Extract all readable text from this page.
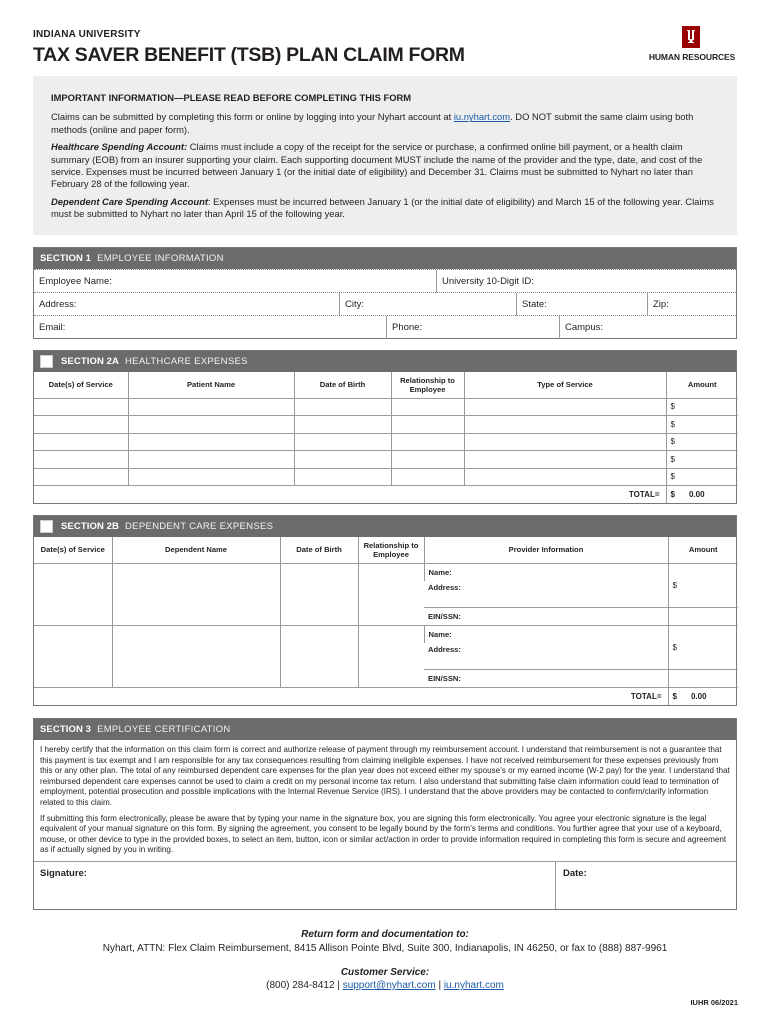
INDIANA UNIVERSITY
TAX SAVER BENEFIT (TSB) PLAN CLAIM FORM	HUMAN RESOURCES

IMPORTANT INFORMATION—PLEASE READ BEFORE COMPLETING THIS FORM

Claims can be submitted by completing this form or online by logging into your Nyhart account at iu.nyhart.com. DO NOT submit the same claim using both methods (online and paper form).

Healthcare Spending Account: Claims must include a copy of the receipt for the service or purchase, a confirmed online bill payment, or a health claim summary (EOB) from an insurer supporting your claim. Each supporting document MUST include the name of the provider and the type, date, and cost of the service. Expenses must be incurred between January 1 (or the initial date of eligibility) and December 31. Claims must be submitted to Nyhart no later than February 28 of the following year.

Dependent Care Spending Account: Expenses must be incurred between January 1 (or the initial date of eligibility) and March 15 of the following year. Claims must be submitted to Nyhart no later than April 15 of the following year.

SECTION 1 EMPLOYEE INFORMATION
Employee Name:	University 10-Digit ID:
Address:	City:	State:	Zip:
Email:	Phone:	Campus:
SECTION 2A HEALTHCARE EXPENSES
Date(s) of Service	Patient Name	Date of Birth	Relationship to Employee	Type of Service	Amount
					$
					$
					$
					$
					$
TOTAL=					$ 0.00
SECTION 2B DEPENDENT CARE EXPENSES
Date(s) of Service	Dependent Name	Date of Birth	Relationship to Employee	Provider Information	Amount
				Name:	$
				Address:	
				EIN/SSN:	
				Name:	$
				Address:	
				EIN/SSN:	
TOTAL=					$ 0.00
SECTION 3 EMPLOYEE CERTIFICATION

I hereby certify that the information on this claim form is correct and authorize release of payment through my reimbursement account. I understand that reimbursement is not a guarantee that this payment is tax exempt and I am responsible for any tax consequences resulting from claiming ineligible expenses. I have not received reimbursement for these expenses previously from this or any other plan. The total of any reimbursed dependent care expenses for the plan year does not exceed either my spouse’s or my earned income (W-2 pay) for the year. I understand that reimbursed dependent care expenses cannot be used to claim a credit on my personal income tax return. I also understand that submitting false claim information could lead to termination of employment, potential prosecution and possible implications with the Internal Revenue Service (IRS). I understand that the above providers may be contacted to confirm/clarify information related to this claim.

If submitting this form electronically, please be aware that by typing your name in the signature box, you are signing this form electronically. You agree your electronic signature is the legal equivalent of your manual signature on this form. By signing the agreement, you consent to be legally bound by the form’s terms and conditions. You further agree that your use of a keyboard, mouse, or other device to type in the provided boxes, to select an item, button, icon or similar act/action in order to provide information required in completing this form is secure and agreement as if actually signed by you in writing.

Signature:	Date:
Return form and documentation to:
Nyhart, ATTN: Flex Claim Reimbursement, 8415 Allison Pointe Blvd, Suite 300, Indianapolis, IN 46250, or fax to (888) 887-9961
Customer Service:
(800) 284-8412 | support@nyhart.com | iu.nyhart.com
IUHR 06/2021
